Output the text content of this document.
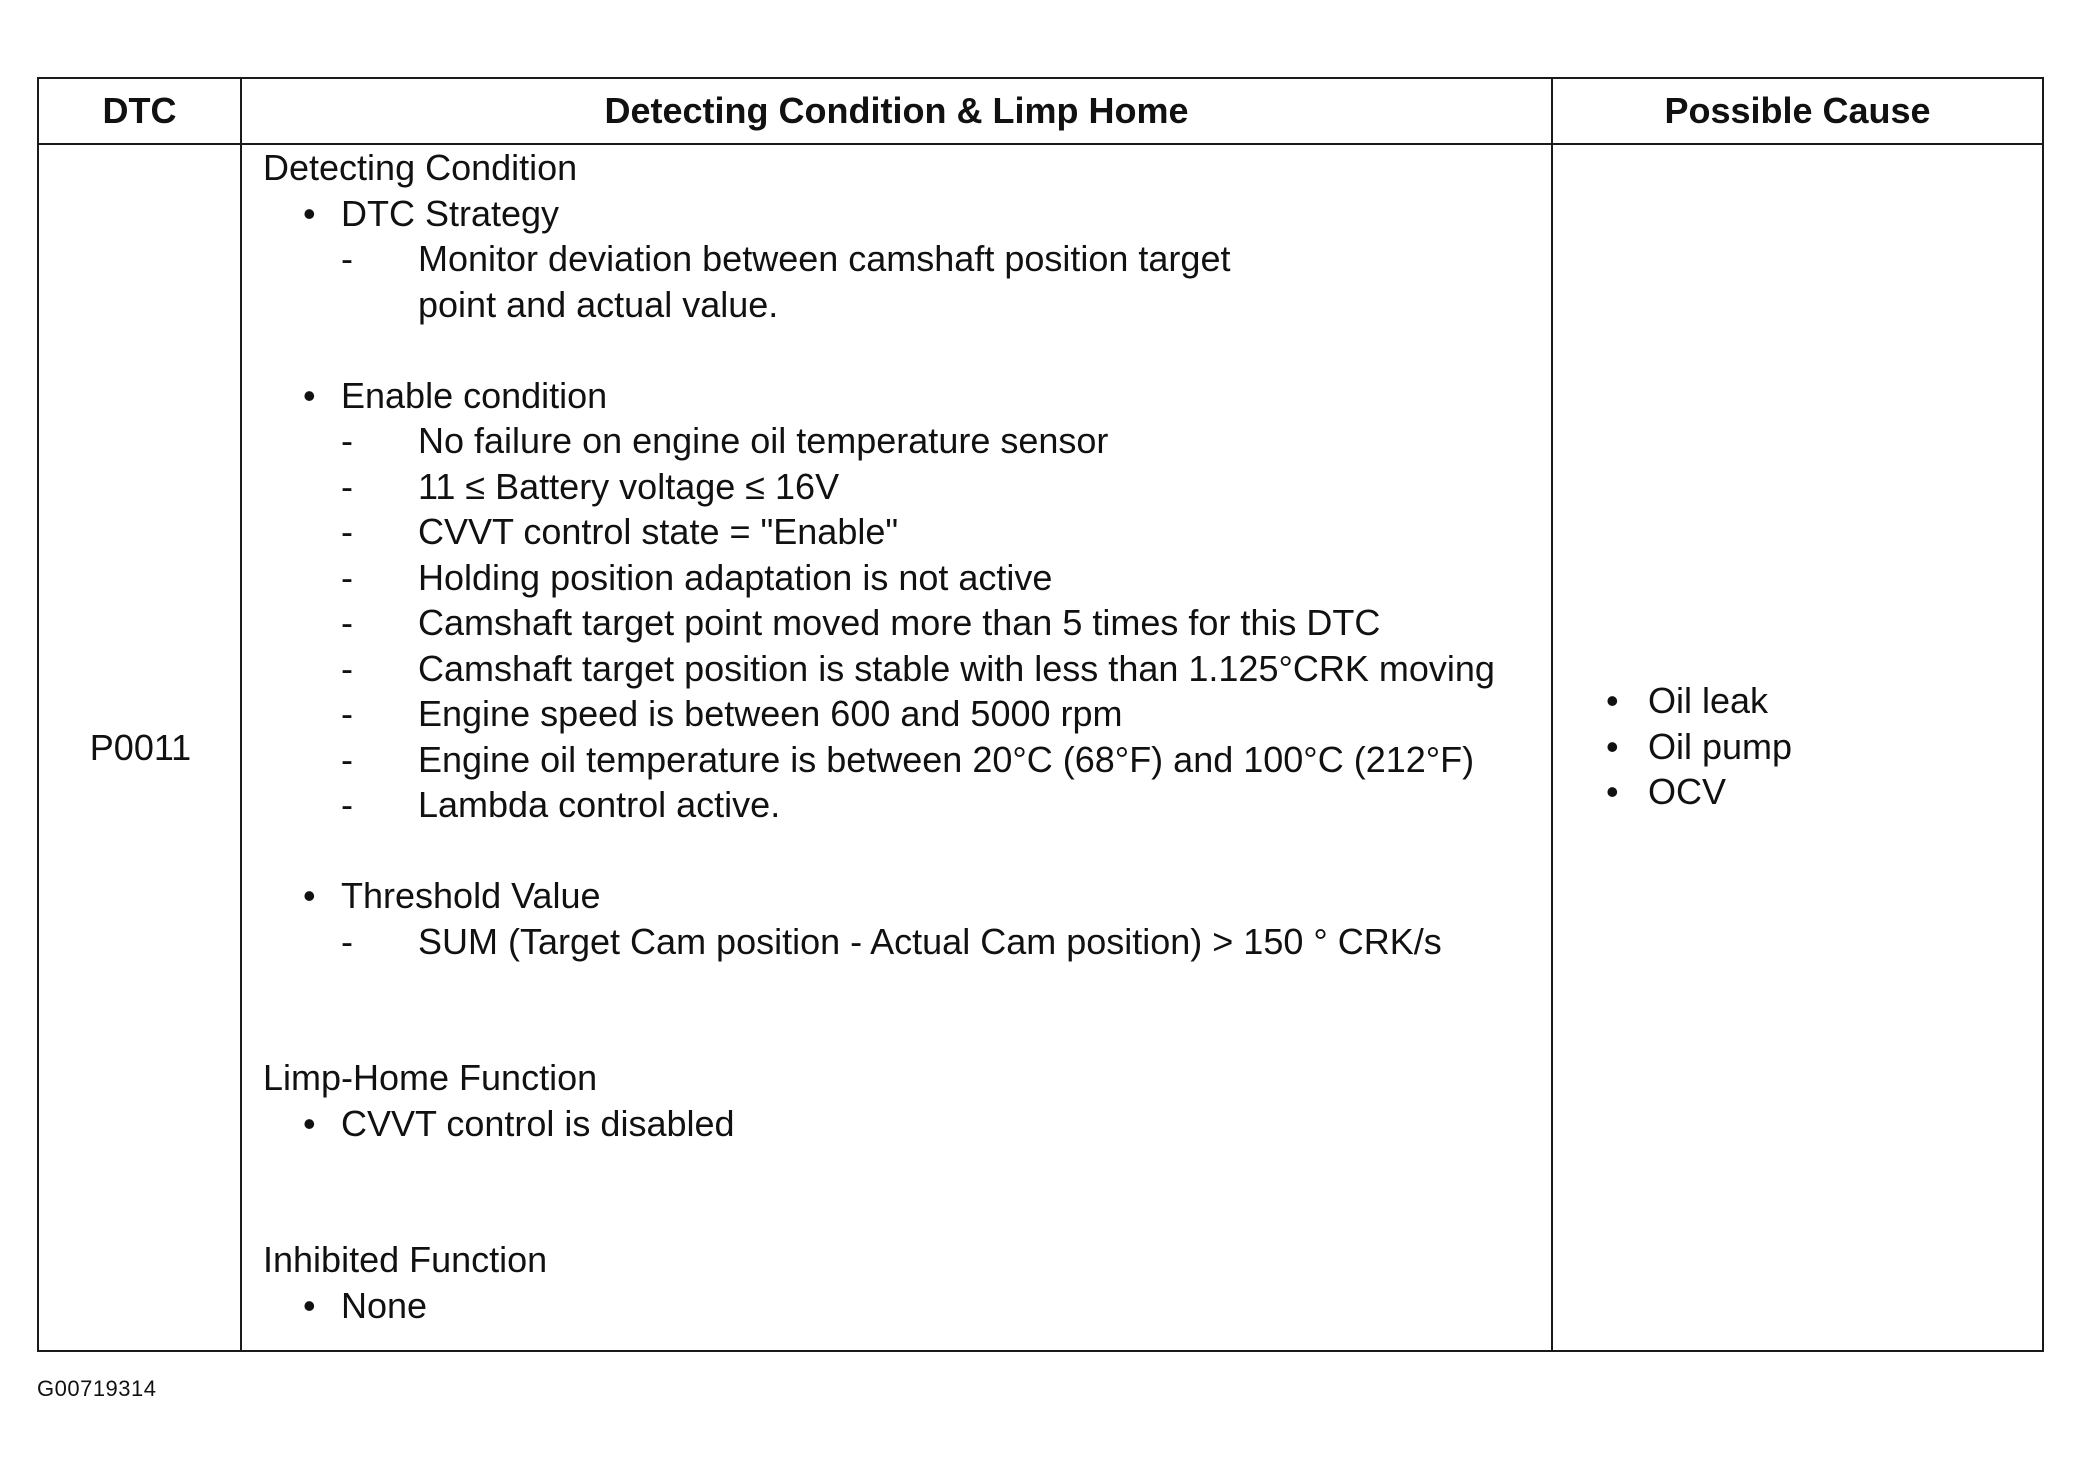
DTC	Detecting Condition & Limp Home	Possible Cause
P0011
Detecting Condition
• DTC Strategy
- Monitor deviation between camshaft position target
point and actual value.
• Enable condition
- No failure on engine oil temperature sensor
- 11 ≤ Battery voltage ≤ 16V
- CVVT control state = "Enable"
- Holding position adaptation is not active
- Camshaft target point moved more than 5 times for this DTC
- Camshaft target position is stable with less than 1.125°CRK moving
- Engine speed is between 600 and 5000 rpm
- Engine oil temperature is between 20°C (68°F) and 100°C (212°F)
- Lambda control active.
• Threshold Value
- SUM (Target Cam position - Actual Cam position) > 150 ° CRK/s
Limp-Home Function
• CVVT control is disabled
Inhibited Function
• None
• Oil leak
• Oil pump
• OCV
G00719314
